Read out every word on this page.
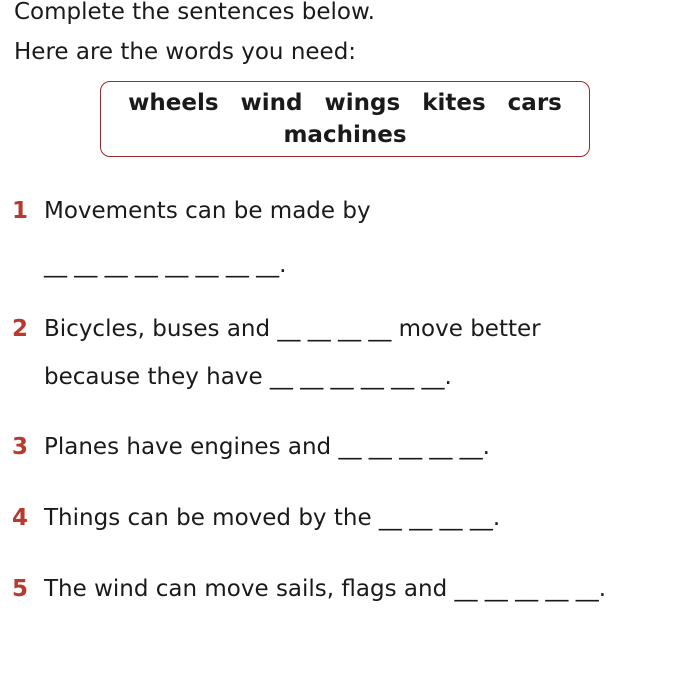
Complete the sentences below.
Here are the words you need:
wheels wind wings kites cars
machines
1 Movements can be made by
__ __ __ __ __ __ __ __.
2 Bicycles, buses and __ __ __ __ move better
because they have __ __ __ __ __ __.
3 Planes have engines and __ __ __ __ __.
4 Things can be moved by the __ __ __ __.
5 The wind can move sails, flags and __ __ __ __ __.
